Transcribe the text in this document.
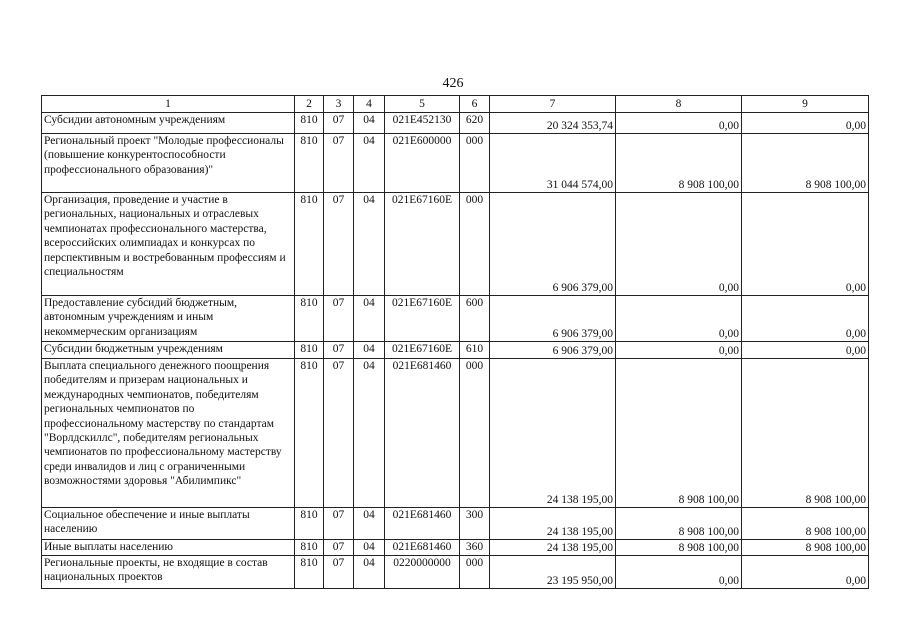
426
1	2	3	4	5	6	7	8	9
Субсидии автономным учреждениям	810	07	04	021E452130	620	20 324 353,74	0,00	0,00
Региональный проект "Молодые профессионалы (повышение конкурентоспособности профессионального образования)"	810	07	04	021E600000	000	31 044 574,00	8 908 100,00	8 908 100,00
Организация, проведение и участие в региональных, национальных и отраслевых чемпионатах профессионального мастерства, всероссийских олимпиадах и конкурсах по перспективным и востребованным профессиям и специальностям	810	07	04	021E67160E	000	6 906 379,00	0,00	0,00
Предоставление субсидий бюджетным, автономным учреждениям и иным некоммерческим организациям	810	07	04	021E67160E	600	6 906 379,00	0,00	0,00
Субсидии бюджетным учреждениям	810	07	04	021E67160E	610	6 906 379,00	0,00	0,00
Выплата специального денежного поощрения победителям и призерам национальных и международных чемпионатов, победителям региональных чемпионатов по профессиональному мастерству по стандартам "Ворлдскиллс", победителям региональных чемпионатов по профессиональному мастерству среди инвалидов и лиц с ограниченными возможностями здоровья "Абилимпикс"	810	07	04	021E681460	000	24 138 195,00	8 908 100,00	8 908 100,00
Социальное обеспечение и иные выплаты населению	810	07	04	021E681460	300	24 138 195,00	8 908 100,00	8 908 100,00
Иные выплаты населению	810	07	04	021E681460	360	24 138 195,00	8 908 100,00	8 908 100,00
Региональные проекты, не входящие в состав национальных проектов	810	07	04	0220000000	000	23 195 950,00	0,00	0,00
